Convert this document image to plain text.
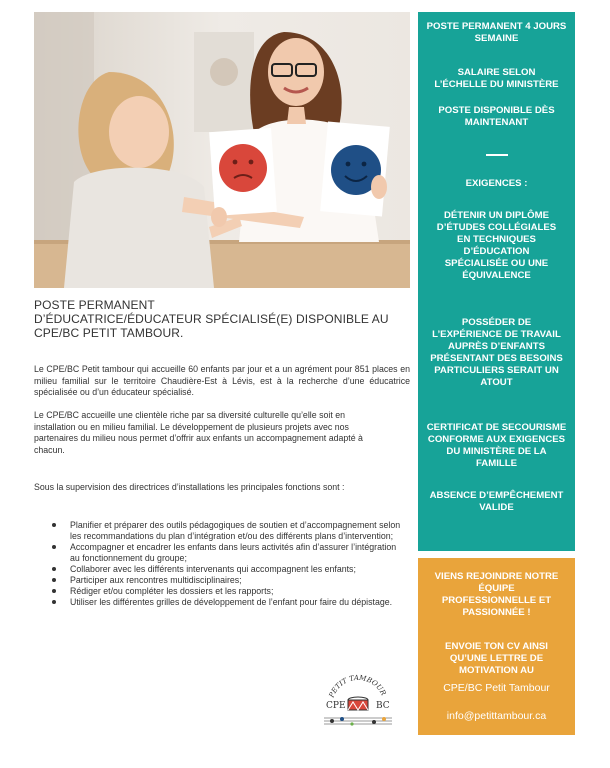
POSTE PERMANENT
D’ÉDUCATRICE/ÉDUCATEUR SPÉCIALISÉ(E) DISPONIBLE AU
CPE/BC PETIT TAMBOUR.

Le CPE/BC Petit tambour qui accueille 60 enfants par jour et a un agrément pour 851 places en milieu familial sur le territoire Chaudière-Est à Lévis, est à la recherche d’une éducatrice spécialisée ou d’un éducateur spécialisé.

Le CPE/BC accueille une clientèle riche par sa diversité culturelle qu’elle soit en installation ou en milieu familial. Le développement de plusieurs projets avec nos partenaires du milieu nous permet d’offrir aux enfants un accompagnement adapté à chacun.

Sous la supervision des directrices d’installations les principales fonctions sont :

Planifier et préparer des outils pédagogiques de soutien et d’accompagnement selon les recommandations du plan d’intégration et/ou des différents plans d’intervention;
Accompagner et encadrer les enfants dans leurs activités afin d’assurer l’intégration au fonctionnement du groupe;
Collaborer avec les différents intervenants qui accompagnent les enfants;
Participer aux rencontres multidisciplinaires;
Rédiger et/ou compléter les dossiers et les rapports;
Utiliser les différentes grilles de développement de l’enfant pour faire du dépistage.
PETIT TAMBOUR
CPE	BC

POSTE PERMANENT 4 JOURS SEMAINE

SALAIRE SELON L’ÉCHELLE DU MINISTÈRE

POSTE DISPONIBLE DÈS MAINTENANT

EXIGENCES :

DÉTENIR UN DIPLÔME D’ÉTUDES COLLÉGIALES EN TECHNIQUES D’ÉDUCATION SPÉCIALISÉE OU UNE ÉQUIVALENCE

POSSÉDER DE L’EXPÉRIENCE DE TRAVAIL AUPRÈS D’ENFANTS PRÉSENTANT DES BESOINS PARTICULIERS SERAIT UN ATOUT

CERTIFICAT DE SECOURISME CONFORME AUX EXIGENCES DU MINISTÈRE DE LA FAMILLE

ABSENCE D’EMPÊCHEMENT VALIDE

VIENS REJOINDRE NOTRE ÉQUIPE PROFESSIONNELLE ET PASSIONNÉE !

ENVOIE TON CV AINSI QU’UNE LETTRE DE MOTIVATION AU

CPE/BC Petit Tambour

info@petittambour.ca
